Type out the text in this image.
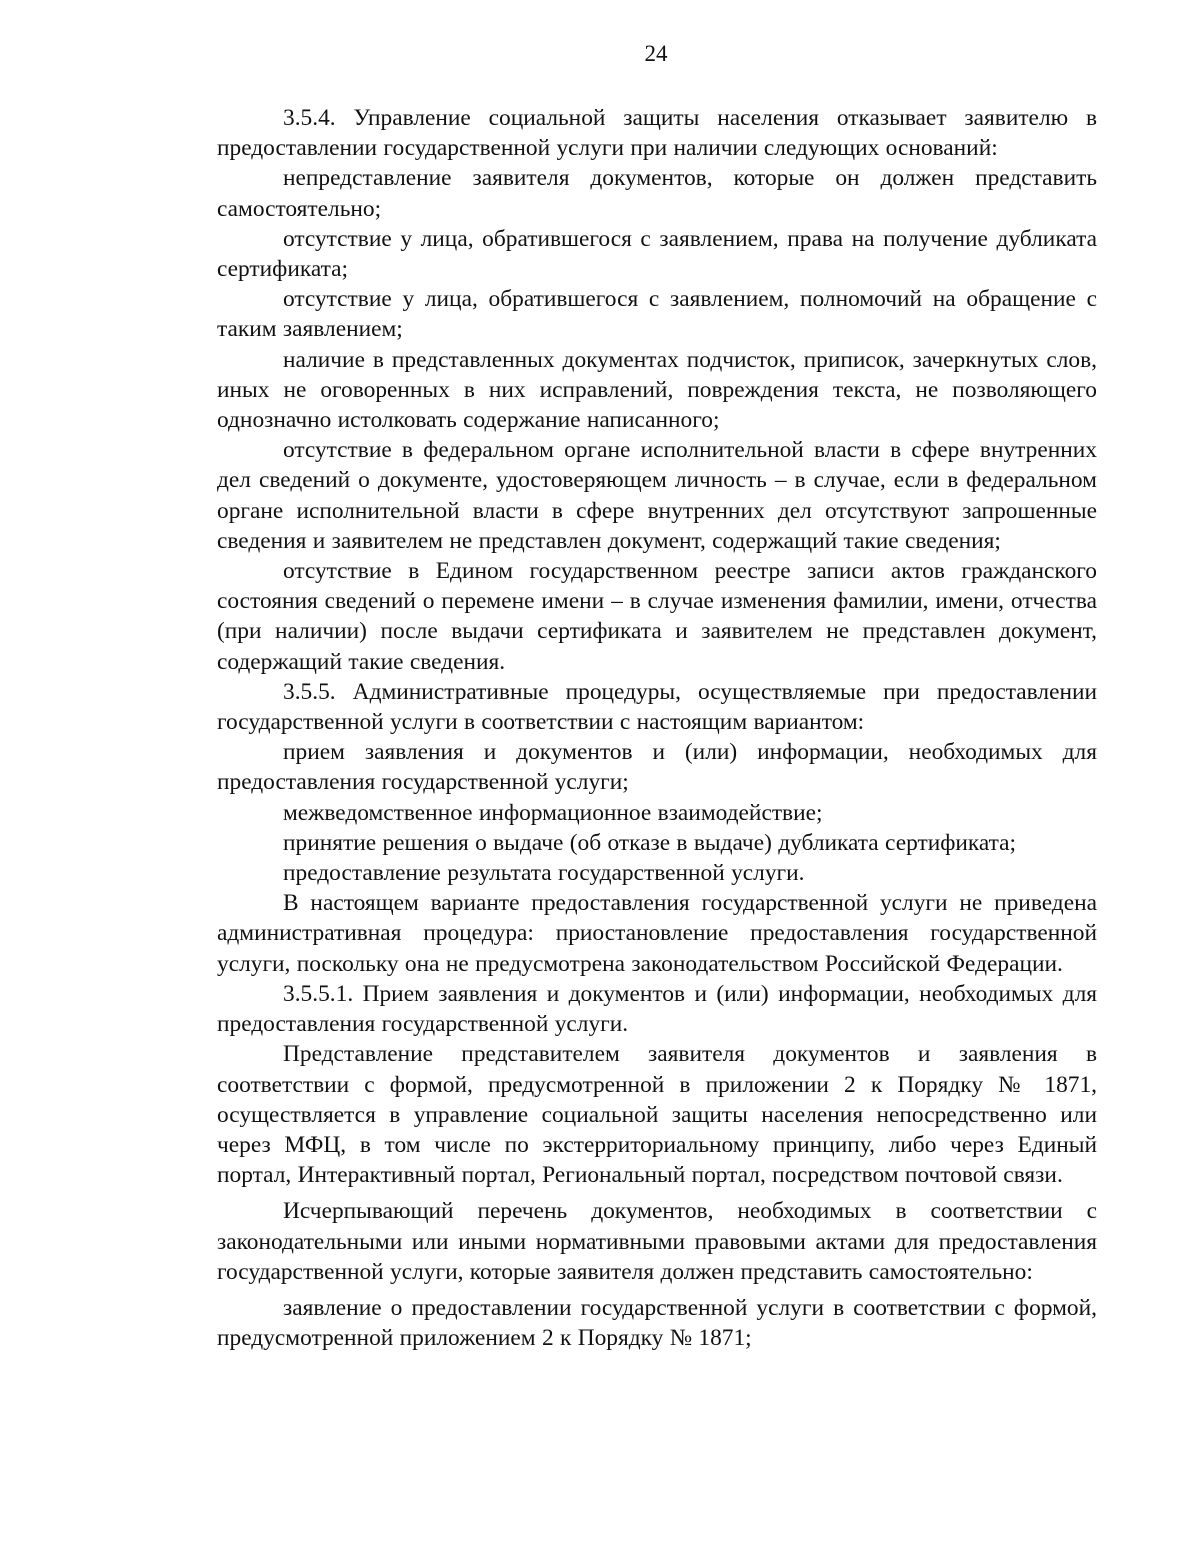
24

3.5.4. Управление социальной защиты населения отказывает заявителю в предоставлении государственной услуги при наличии следующих оснований:

непредставление заявителя документов, которые он должен представить самостоятельно;

отсутствие у лица, обратившегося с заявлением, права на получение дубликата сертификата;

отсутствие у лица, обратившегося с заявлением, полномочий на обращение с таким заявлением;

наличие в представленных документах подчисток, приписок, зачеркнутых слов, иных не оговоренных в них исправлений, повреждения текста, не позволяющего однозначно истолковать содержание написанного;

отсутствие в федеральном органе исполнительной власти в сфере внутренних дел сведений о документе, удостоверяющем личность – в случае, если в федеральном органе исполнительной власти в сфере внутренних дел отсутствуют запрошенные сведения и заявителем не представлен документ, содержащий такие сведения;

отсутствие в Едином государственном реестре записи актов гражданского состояния сведений о перемене имени – в случае изменения фамилии, имени, отчества (при наличии) после выдачи сертификата и заявителем не представлен документ, содержащий такие сведения.

3.5.5. Административные процедуры, осуществляемые при предоставлении государственной услуги в соответствии с настоящим вариантом:

прием заявления и документов и (или) информации, необходимых для предоставления государственной услуги;

межведомственное информационное взаимодействие;

принятие решения о выдаче (об отказе в выдаче) дубликата сертификата;

предоставление результата государственной услуги.

В настоящем варианте предоставления государственной услуги не приведена административная процедура: приостановление предоставления государственной услуги, поскольку она не предусмотрена законодательством Российской Федерации.

3.5.5.1. Прием заявления и документов и (или) информации, необходимых для предоставления государственной услуги.

Представление представителем заявителя документов и заявления в соответствии с формой, предусмотренной в приложении 2 к Порядку № 1871, осуществляется в управление социальной защиты населения непосредственно или через МФЦ, в том числе по экстерриториальному принципу, либо через Единый портал, Интерактивный портал, Региональный портал, посредством почтовой связи.

Исчерпывающий перечень документов, необходимых в соответствии с законодательными или иными нормативными правовыми актами для предоставления государственной услуги, которые заявителя должен представить самостоятельно:

заявление о предоставлении государственной услуги в соответствии с формой, предусмотренной приложением 2 к Порядку № 1871;
